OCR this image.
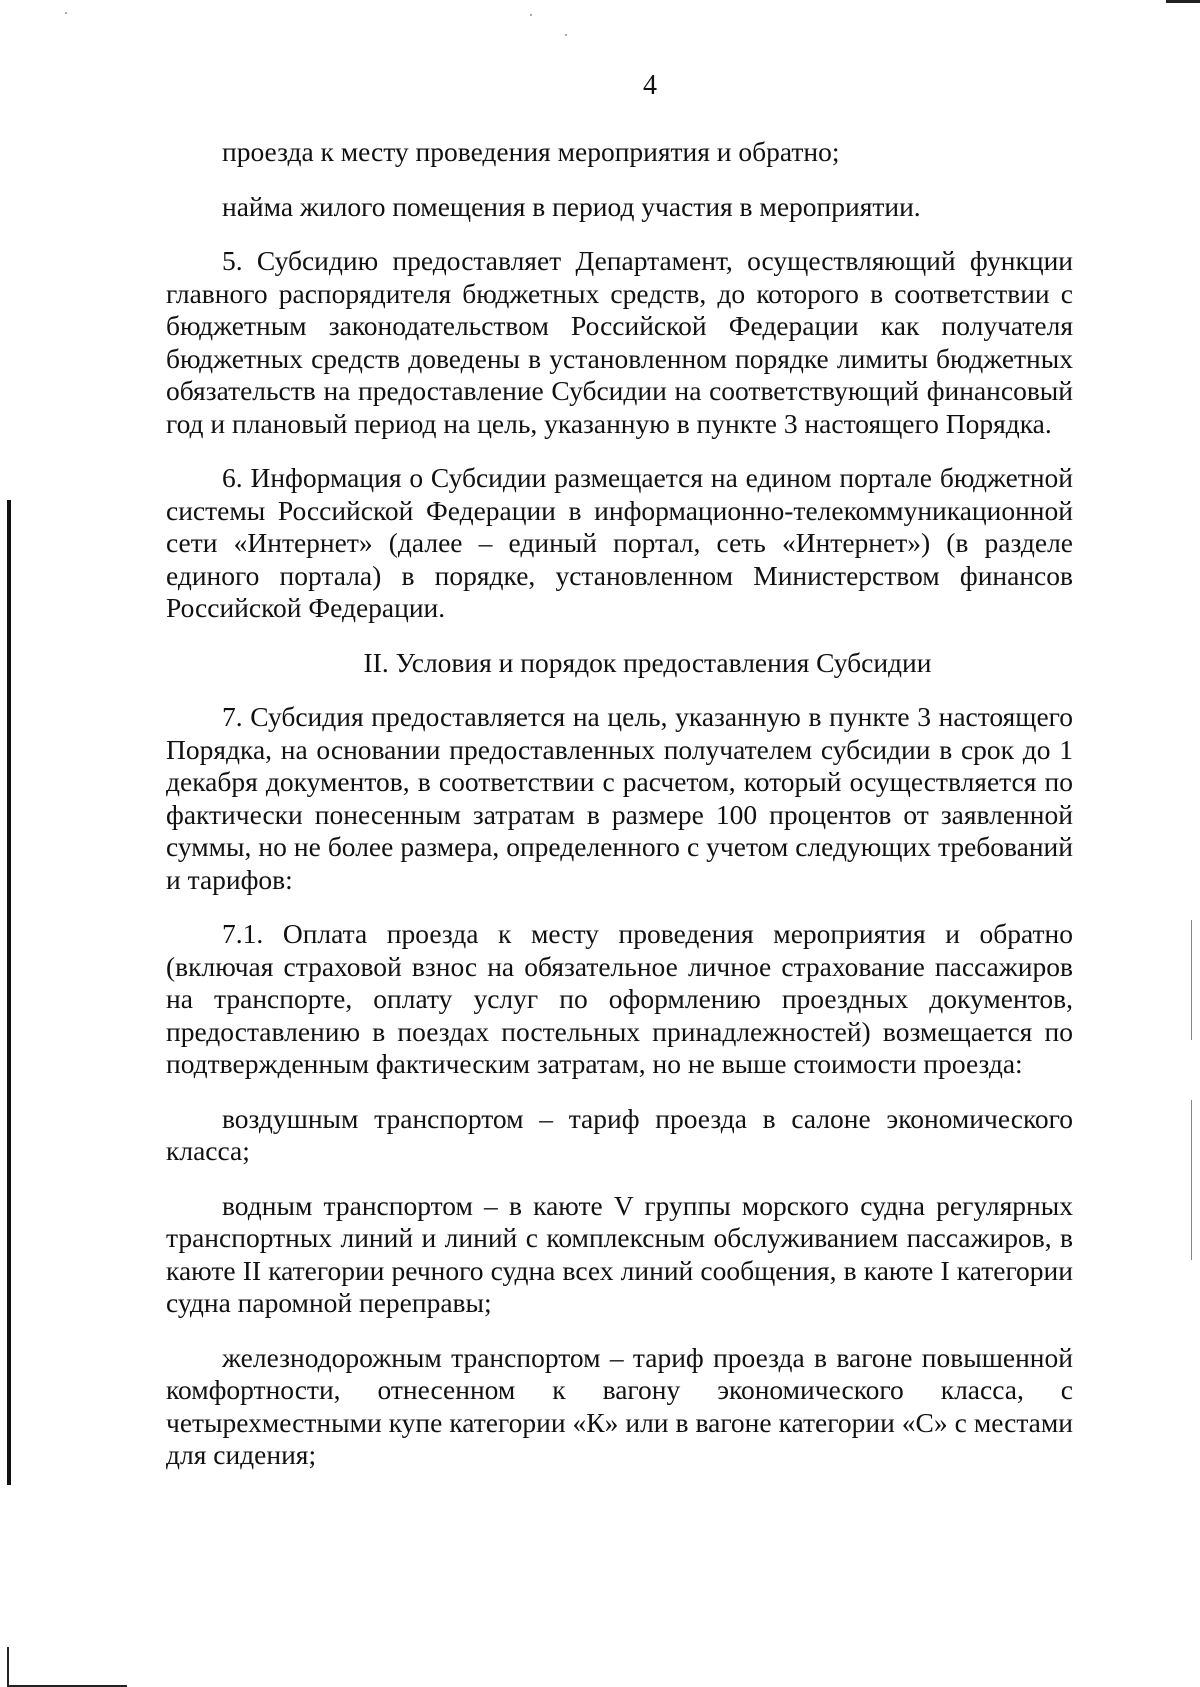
4

проезда к месту проведения мероприятия и обратно;

найма жилого помещения в период участия в мероприятии.

5. Субсидию предоставляет Департамент, осуществляющий функции главного распорядителя бюджетных средств, до которого в соответствии с бюджетным законодательством Российской Федерации как получателя бюджетных средств доведены в установленном порядке лимиты бюджетных обязательств на предоставление Субсидии на соответствующий финансовый год и плановый период на цель, указанную в пункте 3 настоящего Порядка.

6. Информация о Субсидии размещается на едином портале бюджетной системы Российской Федерации в информационно-телекоммуникационной сети «Интернет» (далее – единый портал, сеть «Интернет») (в разделе единого портала) в порядке, установленном Министерством финансов Российской Федерации.

II. Условия и порядок предоставления Субсидии

7. Субсидия предоставляется на цель, указанную в пункте 3 настоящего Порядка, на основании предоставленных получателем субсидии в срок до 1 декабря документов, в соответствии с расчетом, который осуществляется по фактически понесенным затратам в размере 100 процентов от заявленной суммы, но не более размера, определенного с учетом следующих требований и тарифов:

7.1. Оплата проезда к месту проведения мероприятия и обратно (включая страховой взнос на обязательное личное страхование пассажиров на транспорте, оплату услуг по оформлению проездных документов, предоставлению в поездах постельных принадлежностей) возмещается по подтвержденным фактическим затратам, но не выше стоимости проезда:

воздушным транспортом – тариф проезда в салоне экономического класса;

водным транспортом – в каюте V группы морского судна регулярных транспортных линий и линий с комплексным обслуживанием пассажиров, в каюте II категории речного судна всех линий сообщения, в каюте I категории судна паромной переправы;

железнодорожным транспортом – тариф проезда в вагоне повышенной комфортности, отнесенном к вагону экономического класса, с четырехместными купе категории «К» или в вагоне категории «С» с местами для сидения;
